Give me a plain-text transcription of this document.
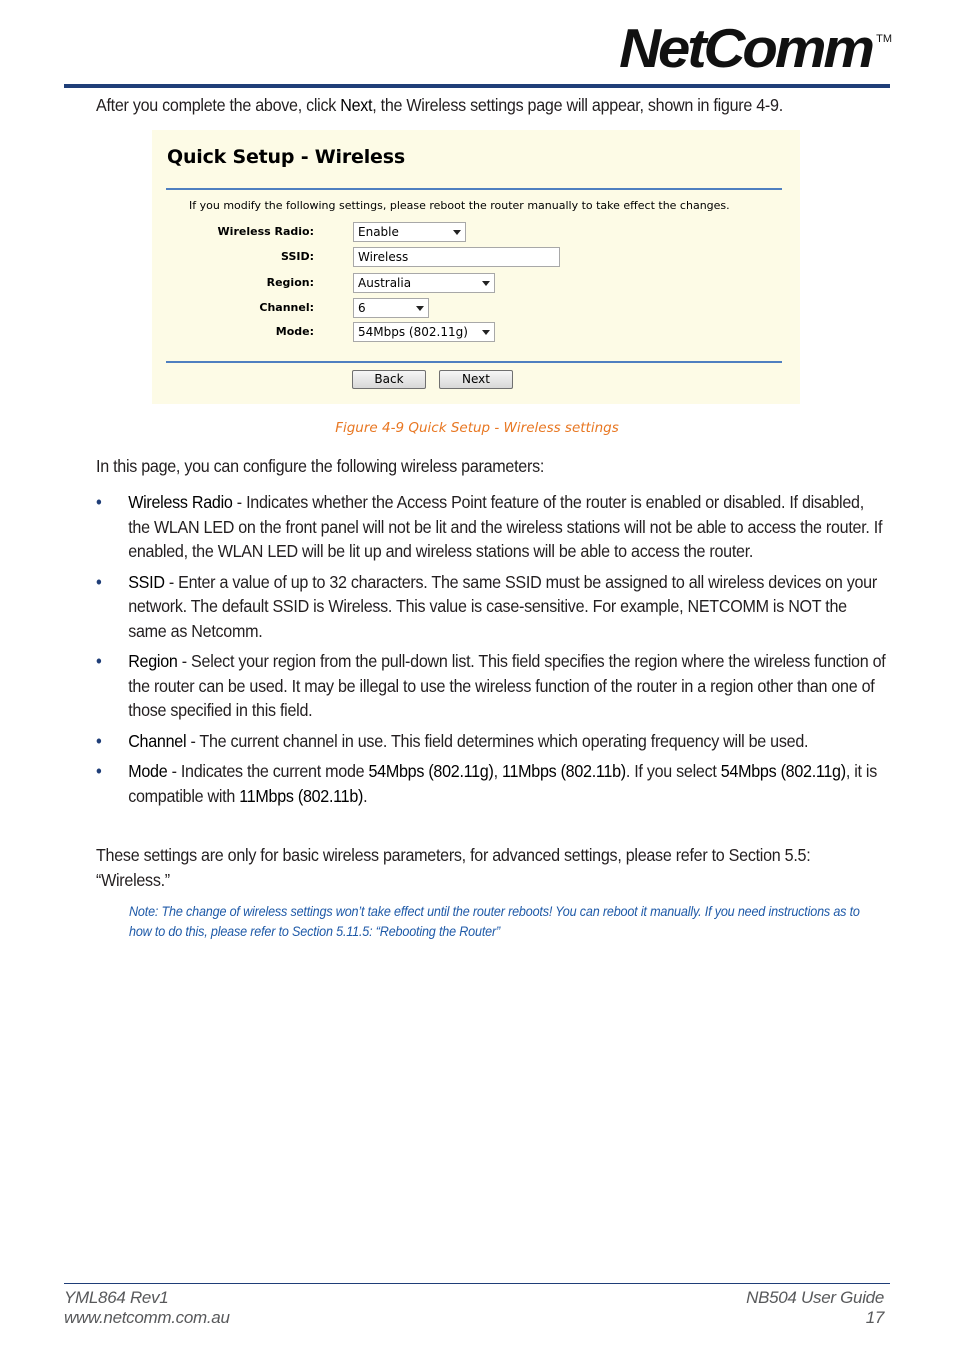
NetComm TM
After you complete the above, click Next, the Wireless settings page will appear, shown in figure 4-9.
Quick Setup - Wireless
If you modify the following settings, please reboot the router manually to take effect the changes.
Wireless Radio:	Enable
SSID:	Wireless
Region:	Australia
Channel:	6
Mode:	54Mbps (802.11g)
Back	Next
Figure 4-9 Quick Setup - Wireless settings
In this page, you can configure the following wireless parameters:
• Wireless Radio - Indicates whether the Access Point feature of the router is enabled or disabled. If disabled, the WLAN LED on the front panel will not be lit and the wireless stations will not be able to access the router. If enabled, the WLAN LED will be lit up and wireless stations will be able to access the router.
• SSID - Enter a value of up to 32 characters. The same SSID must be assigned to all wireless devices on your network. The default SSID is Wireless. This value is case-sensitive. For example, NETCOMM is NOT the same as Netcomm.
• Region - Select your region from the pull-down list. This field specifies the region where the wireless function of the router can be used. It may be illegal to use the wireless function of the router in a region other than one of those specified in this field.
• Channel - The current channel in use. This field determines which operating frequency will be used.
• Mode - Indicates the current mode 54Mbps (802.11g), 11Mbps (802.11b). If you select 54Mbps (802.11g), it is compatible with 11Mbps (802.11b).
These settings are only for basic wireless parameters, for advanced settings, please refer to Section 5.5: “Wireless.”
Note: The change of wireless settings won’t take effect until the router reboots! You can reboot it manually. If you need instructions as to how to do this, please refer to Section 5.11.5: “Rebooting the Router”
YML864 Rev1
www.netcomm.com.au
NB504 User Guide
17
